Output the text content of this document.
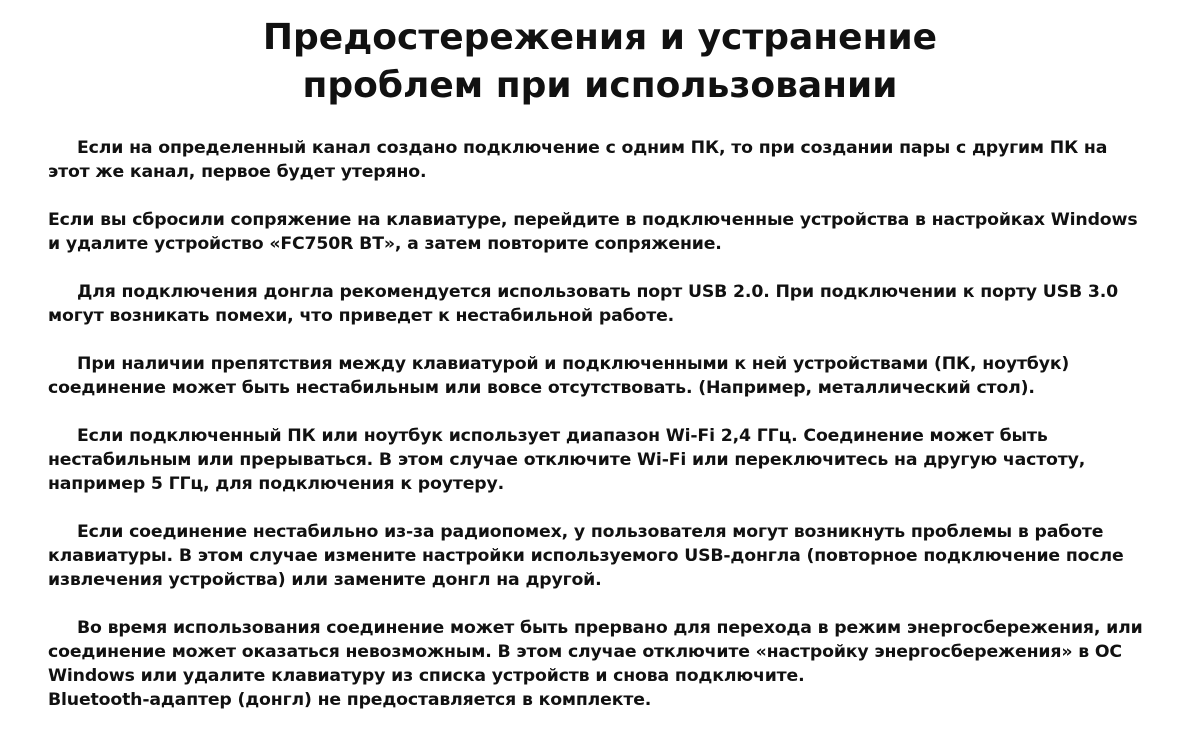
Предостережения и устранение
проблем при использовании

Если на определенный канал создано подключение с одним ПК, то при создании пары с другим ПК на
этот же канал, первое будет утеряно.

Если вы сбросили сопряжение на клавиатуре, перейдите в подключенные устройства в настройках Windows
и удалите устройство «FC750R BT», а затем повторите сопряжение.

Для подключения донгла рекомендуется использовать порт USB 2.0. При подключении к порту USB 3.0
могут возникать помехи, что приведет к нестабильной работе.

При наличии препятствия между клавиатурой и подключенными к ней устройствами (ПК, ноутбук)
соединение может быть нестабильным или вовсе отсутствовать. (Например, металлический стол).

Если подключенный ПК или ноутбук использует диапазон Wi-Fi 2,4 ГГц. Соединение может быть
нестабильным или прерываться. В этом случае отключите Wi-Fi или переключитесь на другую частоту,
например 5 ГГц, для подключения к роутеру.

Если соединение нестабильно из-за радиопомех, у пользователя могут возникнуть проблемы в работе
клавиатуры. В этом случае измените настройки используемого USB-донгла (повторное подключение после
извлечения устройства) или замените донгл на другой.

Во время использования соединение может быть прервано для перехода в режим энергосбережения, или
соединение может оказаться невозможным. В этом случае отключите «настройку энергосбережения» в ОС
Windows или удалите клавиатуру из списка устройств и снова подключите.
Bluetooth-адаптер (донгл) не предоставляется в комплекте.
